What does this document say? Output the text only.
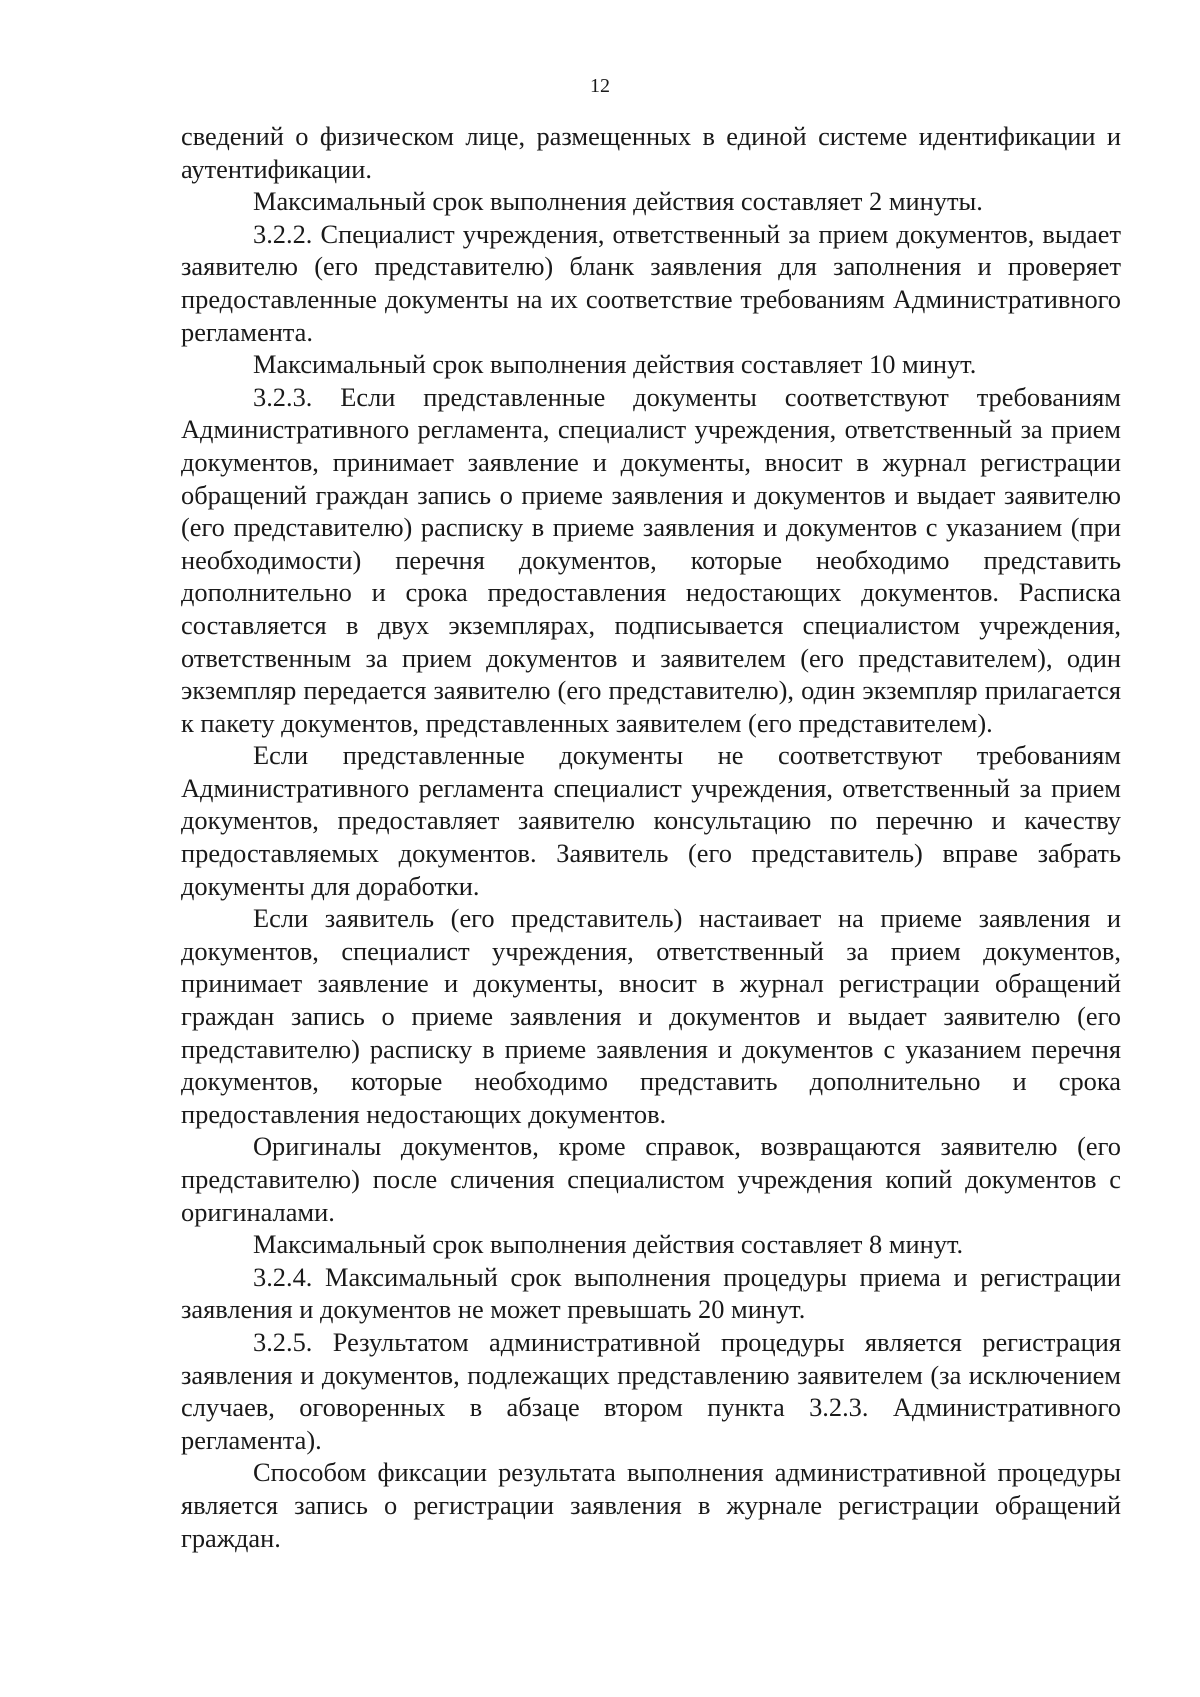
12

сведений о физическом лице, размещенных в единой системе идентификации и аутентификации.

Максимальный срок выполнения действия составляет 2 минуты.

3.2.2. Специалист учреждения, ответственный за прием документов, выдает заявителю (его представителю) бланк заявления для заполнения и проверяет предоставленные документы на их соответствие требованиям Административного регламента.

Максимальный срок выполнения действия составляет 10 минут.

3.2.3. Если представленные документы соответствуют требованиям Административного регламента, специалист учреждения, ответственный за прием документов, принимает заявление и документы, вносит в журнал регистрации обращений граждан запись о приеме заявления и документов и выдает заявителю (его представителю) расписку в приеме заявления и документов с указанием (при необходимости) перечня документов, которые необходимо представить дополнительно и срока предоставления недостающих документов. Расписка составляется в двух экземплярах, подписывается специалистом учреждения, ответственным за прием документов и заявителем (его представителем), один экземпляр передается заявителю (его представителю), один экземпляр прилагается к пакету документов, представленных заявителем (его представителем).

Если представленные документы не соответствуют требованиям Административного регламента специалист учреждения, ответственный за прием документов, предоставляет заявителю консультацию по перечню и качеству предоставляемых документов. Заявитель (его представитель) вправе забрать документы для доработки.

Если заявитель (его представитель) настаивает на приеме заявления и документов, специалист учреждения, ответственный за прием документов, принимает заявление и документы, вносит в журнал регистрации обращений граждан запись о приеме заявления и документов и выдает заявителю (его представителю) расписку в приеме заявления и документов с указанием перечня документов, которые необходимо представить дополнительно и срока предоставления недостающих документов.

Оригиналы документов, кроме справок, возвращаются заявителю (его представителю) после сличения специалистом учреждения копий документов с оригиналами.

Максимальный срок выполнения действия составляет 8 минут.

3.2.4. Максимальный срок выполнения процедуры приема и регистрации заявления и документов не может превышать 20 минут.

3.2.5. Результатом административной процедуры является регистрация заявления и документов, подлежащих представлению заявителем (за исключением случаев, оговоренных в абзаце втором пункта 3.2.3. Административного регламента).

Способом фиксации результата выполнения административной процедуры является запись о регистрации заявления в журнале регистрации обращений граждан.
